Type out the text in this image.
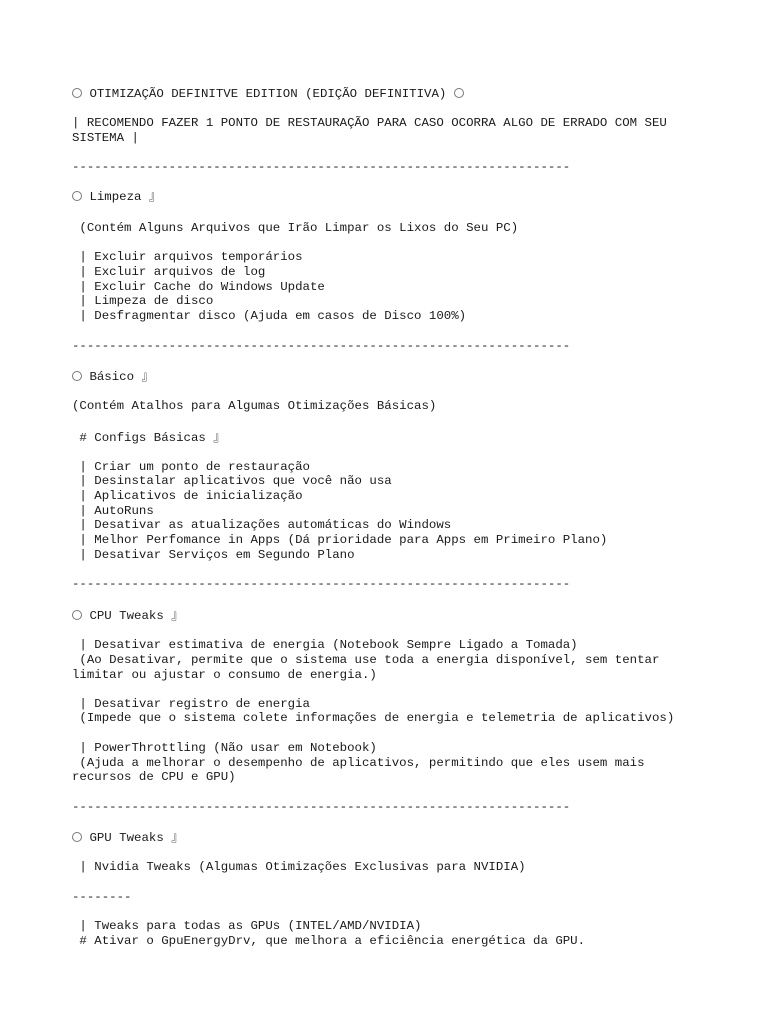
OTIMIZAÇÃO DEFINITVE EDITION (EDIÇÃO DEFINITIVA)
| RECOMENDO FAZER 1 PONTO DE RESTAURAÇÃO PARA CASO OCORRA ALGO DE ERRADO COM SEU
SISTEMA |
-------------------------------------------------------------------
Limpeza 』
(Contém Alguns Arquivos que Irão Limpar os Lixos do Seu PC)
| Excluir arquivos temporários
| Excluir arquivos de log
| Excluir Cache do Windows Update
| Limpeza de disco
| Desfragmentar disco (Ajuda em casos de Disco 100%)
-------------------------------------------------------------------
Básico 』
(Contém Atalhos para Algumas Otimizações Básicas)
# Configs Básicas 』
| Criar um ponto de restauração
| Desinstalar aplicativos que você não usa
| Aplicativos de inicialização
| AutoRuns
| Desativar as atualizações automáticas do Windows
| Melhor Perfomance in Apps (Dá prioridade para Apps em Primeiro Plano)
| Desativar Serviços em Segundo Plano
-------------------------------------------------------------------
CPU Tweaks 』
| Desativar estimativa de energia (Notebook Sempre Ligado a Tomada)
(Ao Desativar, permite que o sistema use toda a energia disponível, sem tentar
limitar ou ajustar o consumo de energia.)
| Desativar registro de energia
(Impede que o sistema colete informações de energia e telemetria de aplicativos)
| PowerThrottling (Não usar em Notebook)
(Ajuda a melhorar o desempenho de aplicativos, permitindo que eles usem mais
recursos de CPU e GPU)
-------------------------------------------------------------------
GPU Tweaks 』
| Nvidia Tweaks (Algumas Otimizações Exclusivas para NVIDIA)
--------
| Tweaks para todas as GPUs (INTEL/AMD/NVIDIA)
# Ativar o GpuEnergyDrv, que melhora a eficiência energética da GPU.
